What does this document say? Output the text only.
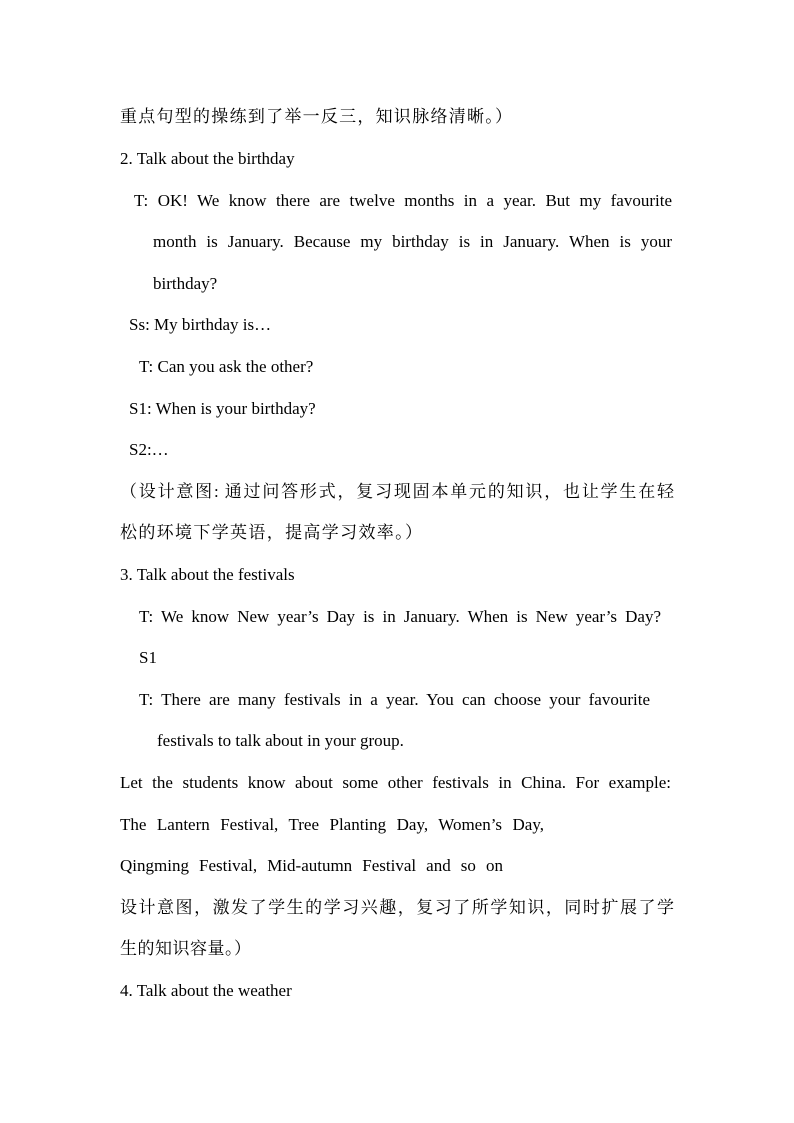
重点句型的操练到了举一反三，知识脉络清晰。）
2. Talk about the birthday
T: OK! We know there are twelve months in a year. But my favourite
month is January. Because my birthday is in January. When is your
birthday?
Ss: My birthday is…
T: Can you ask the other?
S1: When is your birthday?
S2:…
（设计意图: 通过问答形式，复习现固本单元的知识，也让学生在轻
松的环境下学英语，提高学习效率。）
3. Talk about the festivals
T: We know New year’s Day is in January. When is New year’s Day?
S1
T: There are many festivals in a year. You can choose your favourite
festivals to talk about in your group.
Let the students know about some other festivals in China. For example:
The Lantern Festival, Tree Planting Day, Women’s Day,
Qingming Festival, Mid-autumn Festival and so on
设计意图，激发了学生的学习兴趣，复习了所学知识，同时扩展了学
生的知识容量。）
4. Talk about the weather
